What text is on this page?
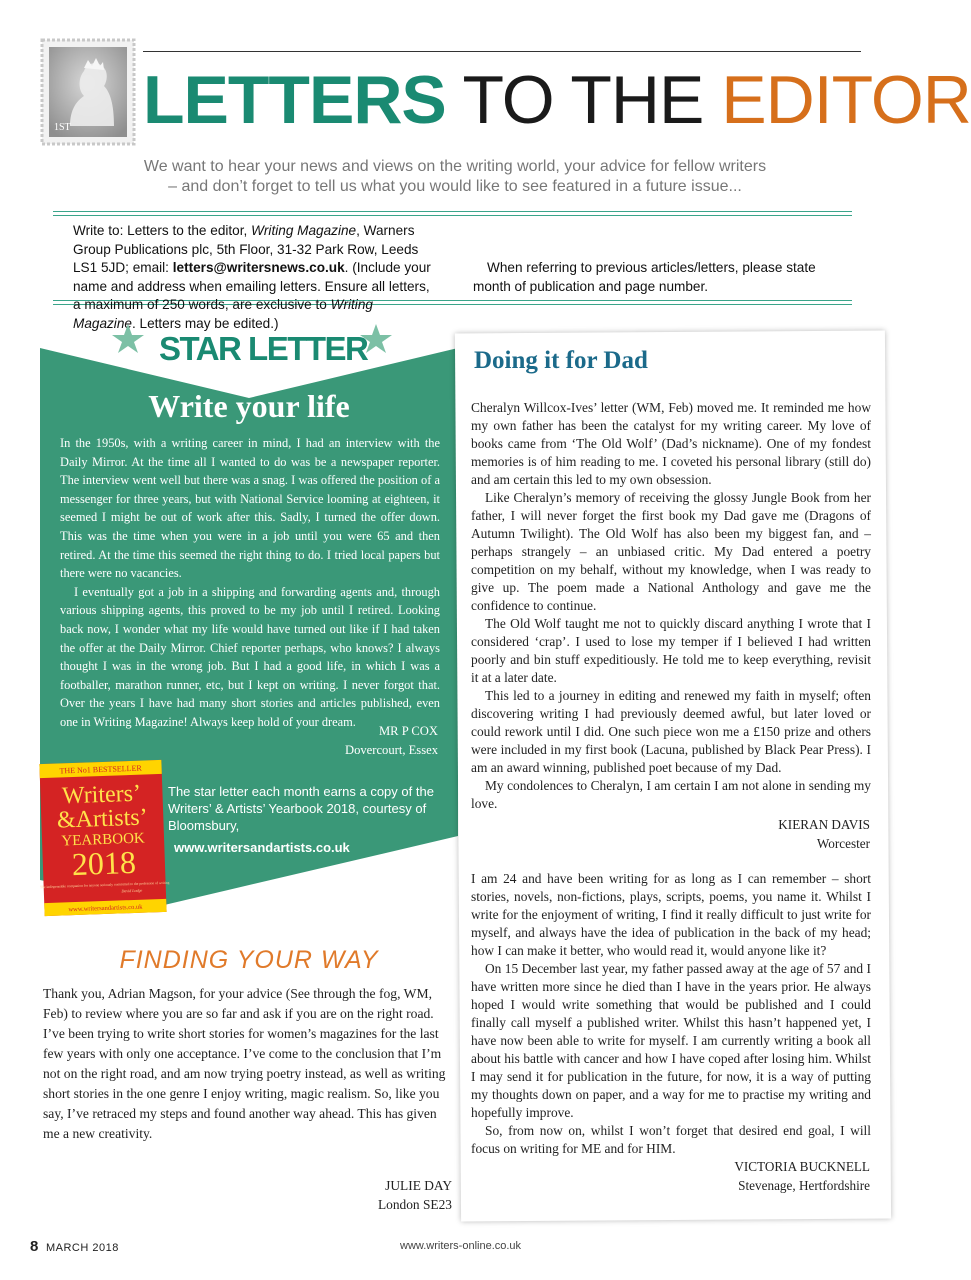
1ST LETTERS TO THE EDITOR
We want to hear your news and views on the writing world, your advice for fellow writers
– and don’t forget to tell us what you would like to see featured in a future issue...
Write to: Letters to the editor, Writing Magazine, Warners Group Publications plc, 5th Floor, 31-32 Park Row, Leeds LS1 5JD; email: letters@writersnews.co.uk. (Include your name and address when emailing letters. Ensure all letters, a maximum of 250 words, are exclusive to Writing Magazine. Letters may be edited.)
When referring to previous articles/letters, please state month of publication and page number.
STAR LETTER
Write your life

In the 1950s, with a writing career in mind, I had an interview with the Daily Mirror. At the time all I wanted to do was be a newspaper reporter. The interview went well but there was a snag. I was offered the position of a messenger for three years, but with National Service looming at eighteen, it seemed I might be out of work after this. Sadly, I turned the offer down. This was the time when you were in a job until you were 65 and then retired. At the time this seemed the right thing to do. I tried local papers but there were no vacancies.

I eventually got a job in a shipping and forwarding agents and, through various shipping agents, this proved to be my job until I retired. Looking back now, I wonder what my life would have turned out like if I had taken the offer at the Daily Mirror. Chief reporter perhaps, who knows? I always thought I was in the wrong job. But I had a good life, in which I was a footballer, marathon runner, etc, but I kept on writing. I never forgot that. Over the years I have had many short stories and articles published, even one in Writing Magazine! Always keep hold of your dream.

MR P COX
Dovercourt, Essex
THE No1 BESTSELLER
Writers’
&Artists’
YEARBOOK
2018
The indispensable companion for anyone seriously committed to the profession of writing
David Lodge
www.writersandartists.co.uk
The star letter each month earns a copy of the Writers’ & Artists’ Yearbook 2018, courtesy of Bloomsbury,
www.writersandartists.co.uk
FINDING YOUR WAY
Thank you, Adrian Magson, for your advice (See through the fog, WM, Feb) to review where you are so far and ask if you are on the right road. I’ve been trying to write short stories for women’s magazines for the last few years with only one acceptance. I’ve come to the conclusion that I’m not on the right road, and am now trying poetry instead, as well as writing short stories in the one genre I enjoy writing, magic realism. So, like you say, I’ve retraced my steps and found another way ahead. This has given me a new creativity.
JULIE DAY
London SE23
Doing it for Dad

Cheralyn Willcox-Ives’ letter (WM, Feb) moved me. It reminded me how my own father has been the catalyst for my writing career. My love of books came from ‘The Old Wolf’ (Dad’s nickname). One of my fondest memories is of him reading to me. I coveted his personal library (still do) and am certain this led to my own obsession.

Like Cheralyn’s memory of receiving the glossy Jungle Book from her father, I will never forget the first book my Dad gave me (Dragons of Autumn Twilight). The Old Wolf has also been my biggest fan, and – perhaps strangely – an unbiased critic. My Dad entered a poetry competition on my behalf, without my knowledge, when I was ready to give up. The poem made a National Anthology and gave me the confidence to continue.

The Old Wolf taught me not to quickly discard anything I wrote that I considered ‘crap’. I used to lose my temper if I believed I had written poorly and bin stuff expeditiously. He told me to keep everything, revisit it at a later date.

This led to a journey in editing and renewed my faith in myself; often discovering writing I had previously deemed awful, but later loved or could rework until I did. One such piece won me a £150 prize and others were included in my first book (Lacuna, published by Black Pear Press). I am an award winning, published poet because of my Dad.

My condolences to Cheralyn, I am certain I am not alone in sending my love.

KIERAN DAVIS
Worcester

I am 24 and have been writing for as long as I can remember – short stories, novels, non-fictions, plays, scripts, poems, you name it. Whilst I write for the enjoyment of writing, I find it really difficult to just write for myself, and always have the idea of publication in the back of my head; how I can make it better, who would read it, would anyone like it?

On 15 December last year, my father passed away at the age of 57 and I have written more since he died than I have in the years prior. He always hoped I would write something that would be published and I could finally call myself a published writer. Whilst this hasn’t happened yet, I have now been able to write for myself. I am currently writing a book all about his battle with cancer and how I have coped after losing him. Whilst I may send it for publication in the future, for now, it is a way of putting my thoughts down on paper, and a way for me to practise my writing and hopefully improve.

So, from now on, whilst I won’t forget that desired end goal, I will focus on writing for ME and for HIM.

VICTORIA BUCKNELL
Stevenage, Hertfordshire
8 MARCH 2018	www.writers-online.co.uk
